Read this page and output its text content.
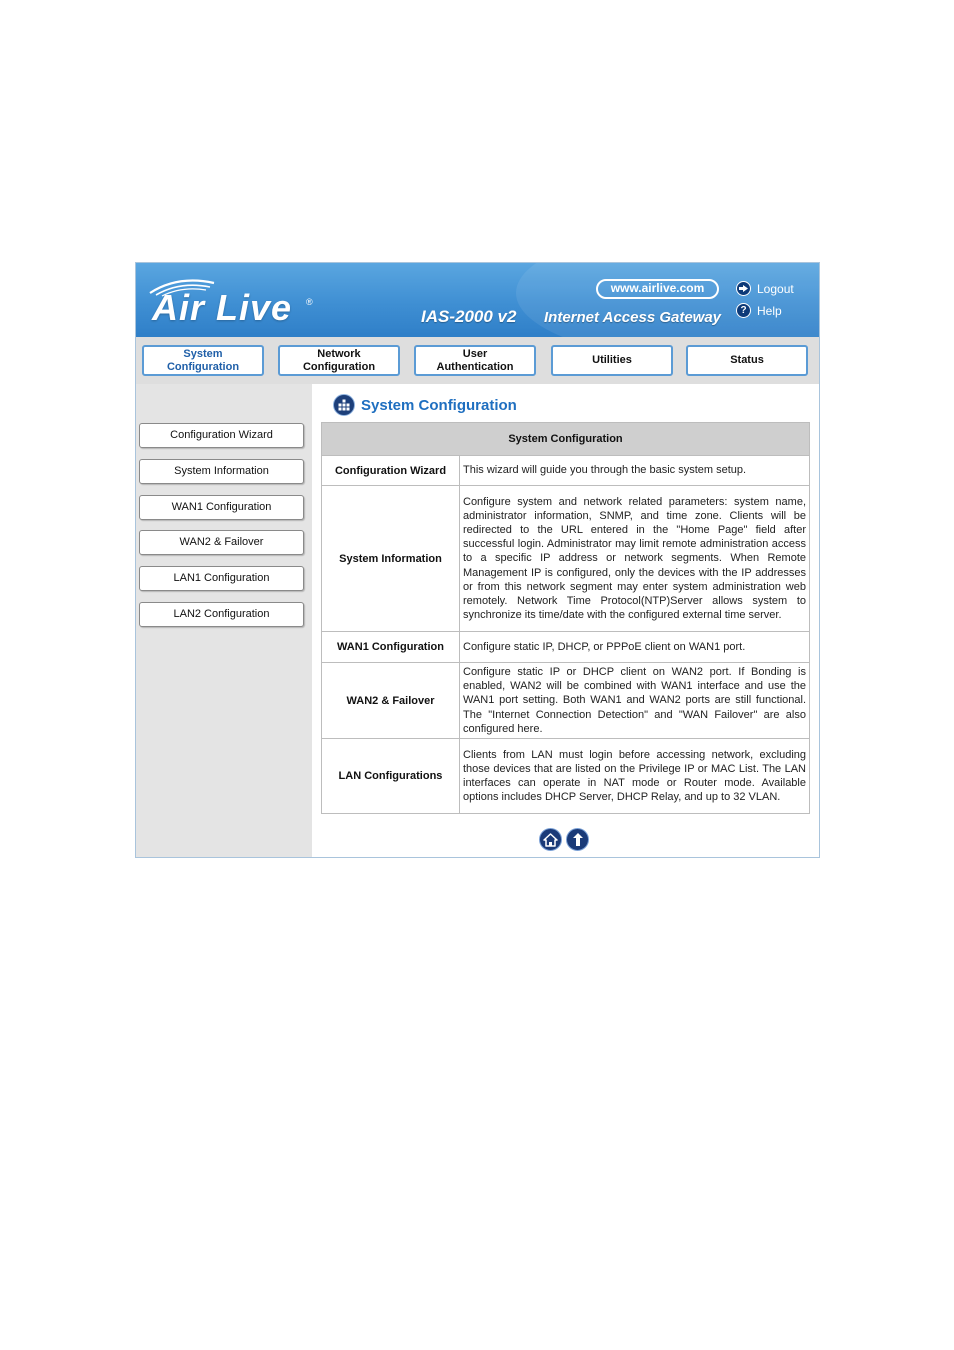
Air Live ®
www.airlive.com
IAS-2000 v2 Internet Access Gateway
Logout
? Help
System
Configuration
Network
Configuration
User
Authentication
Utilities	Status
Configuration Wizard
System Information
WAN1 Configuration
WAN2 & Failover
LAN1 Configuration
LAN2 Configuration
System Configuration
System Configuration	
Configuration Wizard	This wizard will guide you through the basic system setup.
System Information	Configure system and network related parameters: system name, administrator information, SNMP, and time zone. Clients will be redirected to the URL entered in the "Home Page" field after successful login. Administrator may limit remote administration access to a specific IP address or network segments. When Remote Management IP is configured, only the devices with the IP addresses or from this network segment may enter system administration web remotely. Network Time Protocol(NTP)Server allows system to synchronize its time/date with the configured external time server.
WAN1 Configuration	Configure static IP, DHCP, or PPPoE client on WAN1 port.
WAN2 & Failover	Configure static IP or DHCP client on WAN2 port. If Bonding is enabled, WAN2 will be combined with WAN1 interface and use the WAN1 port setting. Both WAN1 and WAN2 ports are still functional. The "Internet Connection Detection" and "WAN Failover" are also configured here.
LAN Configurations	Clients from LAN must login before accessing network, excluding those devices that are listed on the Privilege IP or MAC List. The LAN interfaces can operate in NAT mode or Router mode. Available options includes DHCP Server, DHCP Relay, and up to 32 VLAN.
